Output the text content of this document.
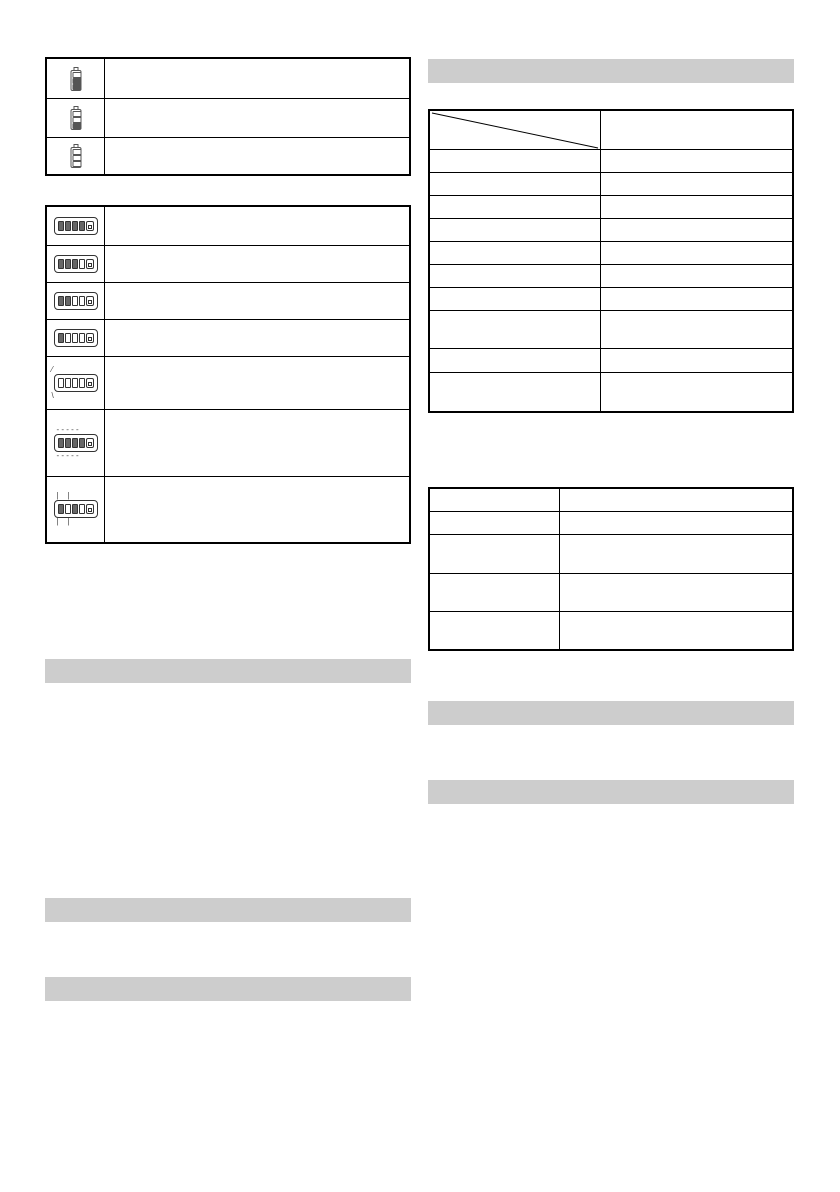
⁄
\
- - - - -
- - - - -
|    |
|    |
